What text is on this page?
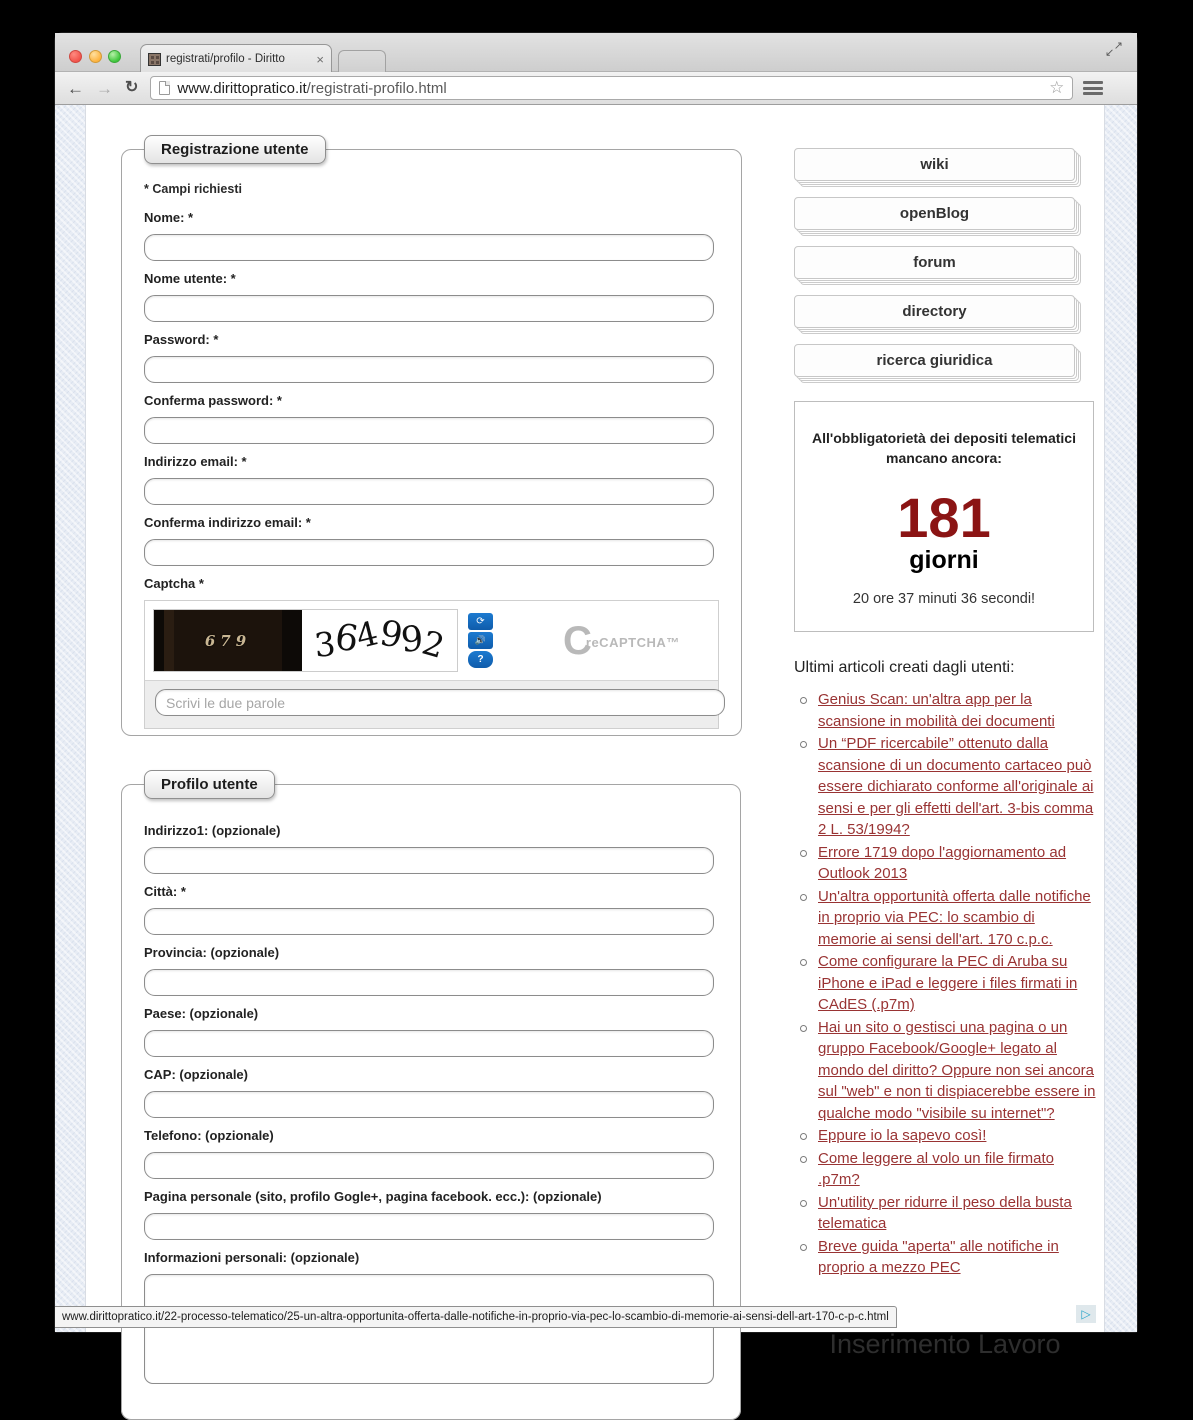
registrati/profilo - Diritto ×
↗
↙
← → ↻	www.dirittopratico.it/registrati-profilo.html	☆
Registrazione utente
* Campi richiesti
Nome: *
Nome utente: *
Password: *
Conferma password: *
Indirizzo email: *
Conferma indirizzo email: *
Captcha *
679 3
6
4
9
9
2
⟳
🔊
? C
reCAPTCHA™
Scrivi le due parole
Profilo utente
Indirizzo1: (opzionale)
Città: *
Provincia: (opzionale)
Paese: (opzionale)
CAP: (opzionale)
Telefono: (opzionale)
Pagina personale (sito, profilo Gogle+, pagina facebook. ecc.): (opzionale)
Informazioni personali: (opzionale)
wiki
openBlog
forum
directory
ricerca giuridica
All'obbligatorietà dei depositi telematici
mancano ancora:
181
giorni
20 ore 37 minuti 36 secondi!
Ultimi articoli creati dagli utenti:
Genius Scan: un'altra app per la scansione in mobilità dei documenti
Un “PDF ricercabile” ottenuto dalla scansione di un documento cartaceo può essere dichiarato conforme all'originale ai sensi e per gli effetti dell'art. 3-bis comma 2 L. 53/1994?
Errore 1719 dopo l'aggiornamento ad Outlook 2013
Un'altra opportunità offerta dalle notifiche in proprio via PEC: lo scambio di memorie ai sensi dell'art. 170 c.p.c.
Come configurare la PEC di Aruba su iPhone e iPad e leggere i files firmati in CAdES (.p7m)
Hai un sito o gestisci una pagina o un gruppo Facebook/Google+ legato al mondo del diritto? Oppure non sei ancora sul "web" e non ti dispiacerebbe essere in qualche modo "visibile su internet"?
Eppure io la sapevo così!
Come leggere al volo un file firmato .p7m?
Un'utility per ridurre il peso della busta telematica
Breve guida "aperta" alle notifiche in proprio a mezzo PEC
▷
Inserimento Lavoro
www.dirittopratico.it/22-processo-telematico/25-un-altra-opportunita-offerta-dalle-notifiche-in-proprio-via-pec-lo-scambio-di-memorie-ai-sensi-dell-art-170-c-p-c.html
